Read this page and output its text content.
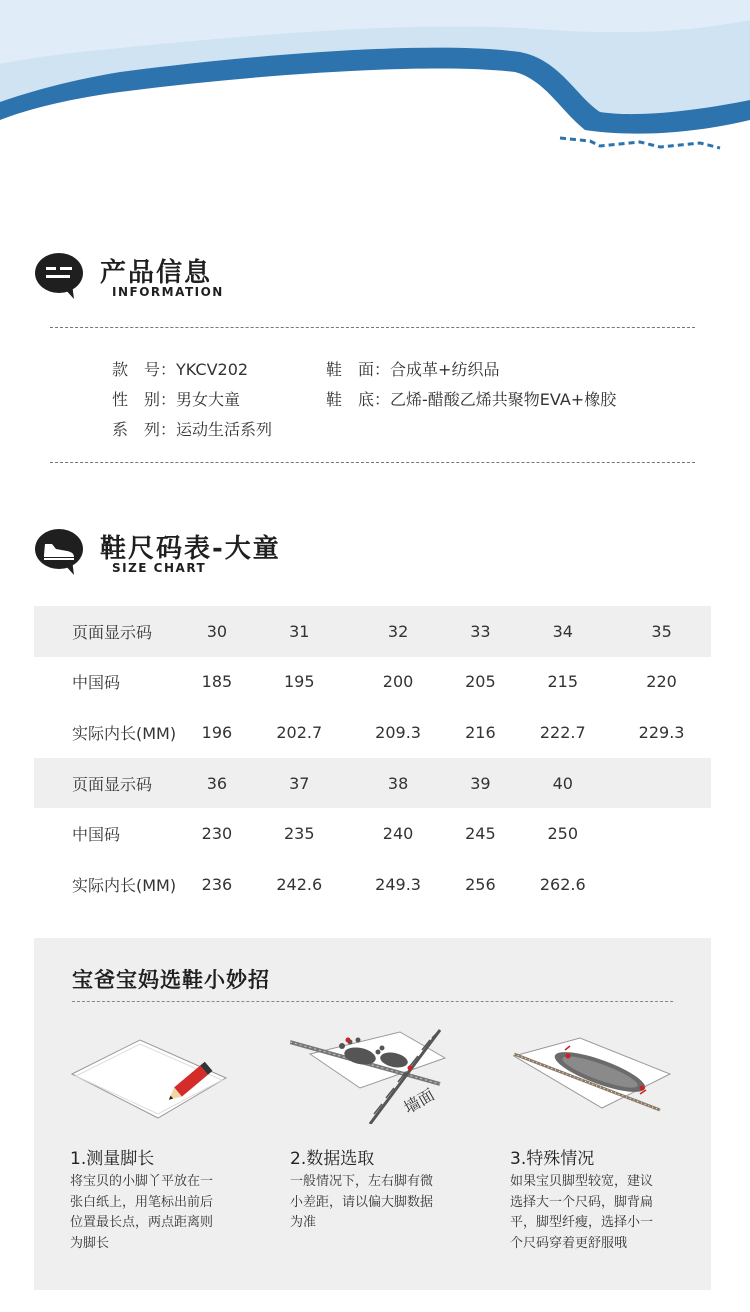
产品信息
INFORMATION
款　号：YKCV202
性　别：男女大童
系　列：运动生活系列
鞋　面：合成革+纺织品
鞋　底：乙烯-醋酸乙烯共聚物EVA+橡胶
鞋尺码表-大童
SIZE CHART
页面显示码	30	31	32	33	34	35
中国码	185	195	200	205	215	220
实际内长(MM)	196	202.7	209.3	216	222.7	229.3
页面显示码	36	37	38	39	40	
中国码	230	235	240	245	250	
实际内长(MM)	236	242.6	249.3	256	262.6	
宝爸宝妈选鞋小妙招
1.测量脚长
将宝贝的小脚丫平放在一
张白纸上，用笔标出前后
位置最长点，两点距离则
为脚长
墙面
2.数据选取
一般情况下，左右脚有微
小差距，请以偏大脚数据
为准
3.特殊情况
如果宝贝脚型较宽，建议
选择大一个尺码，脚背扁
平，脚型纤瘦，选择小一
个尺码穿着更舒服哦
